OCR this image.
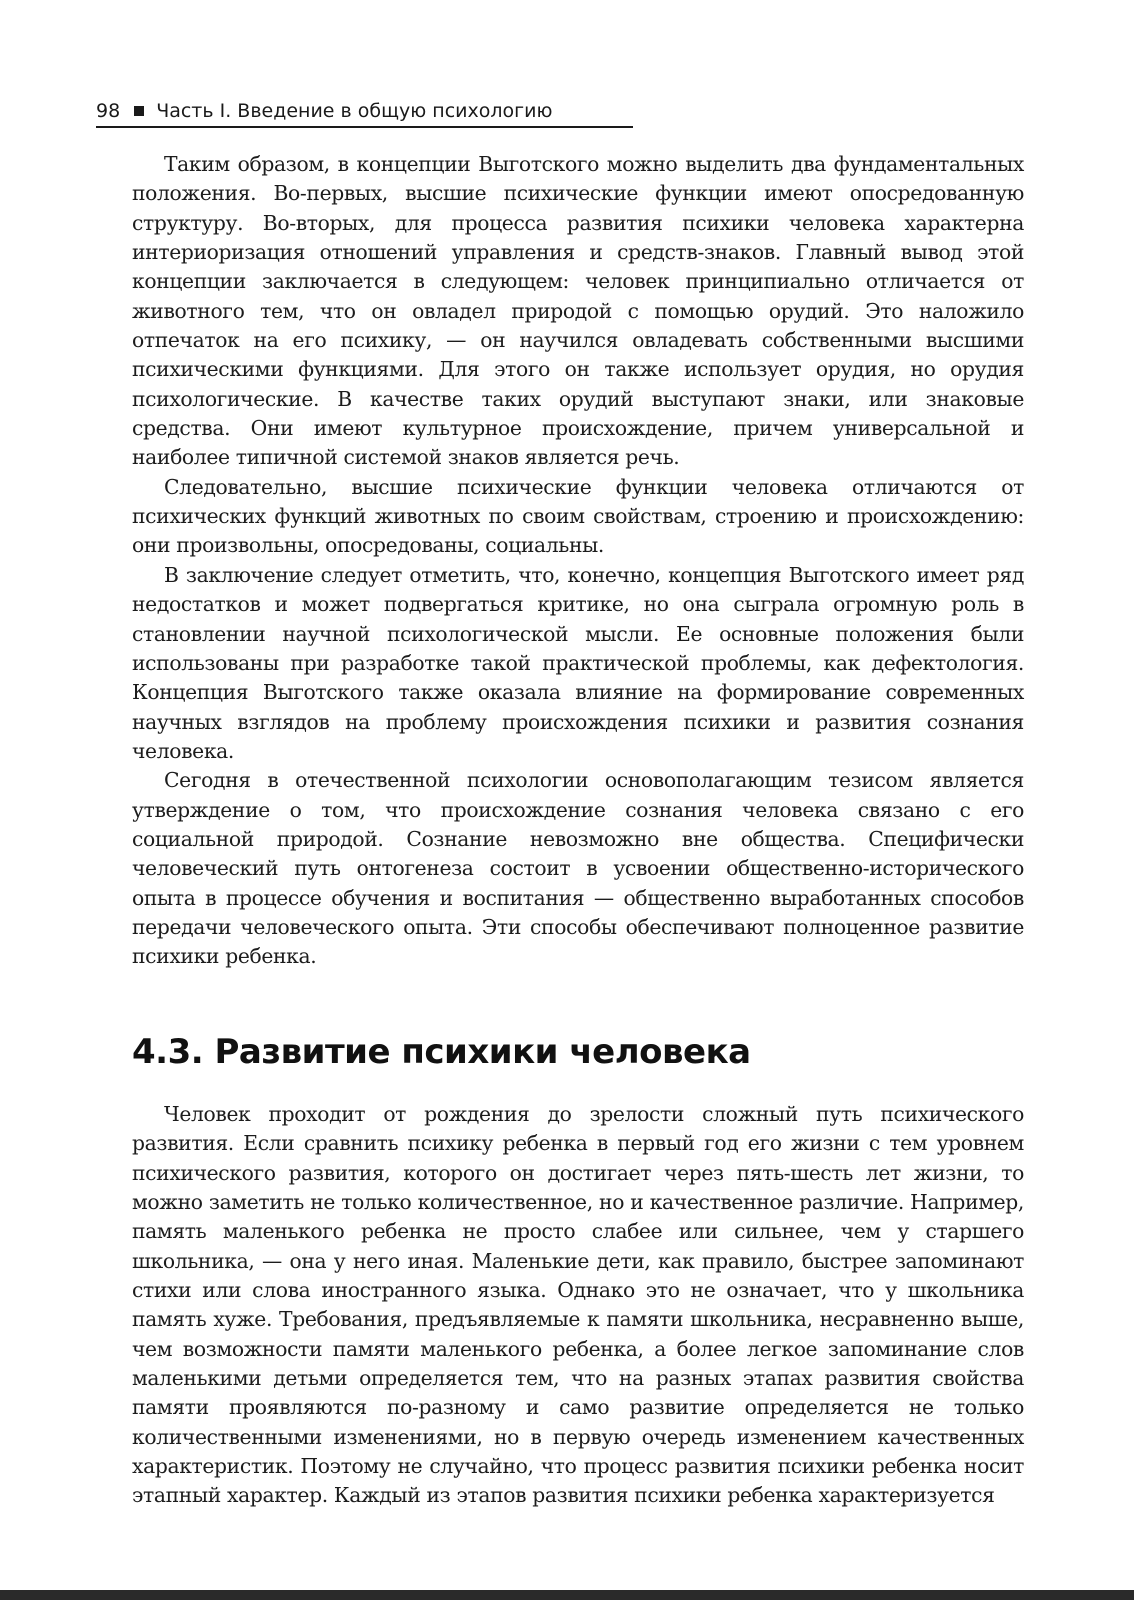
98 Часть I. Введение в общую психологию

Таким образом, в концепции Выготского можно выделить два фундаментальных положения. Во-первых, высшие психические функции имеют опосредованную структуру. Во-вторых, для процесса развития психики человека характерна интериоризация отношений управления и средств-знаков. Главный вывод этой концепции заключается в следующем: человек принципиально отличается от животного тем, что он овладел природой с помощью орудий. Это наложило отпечаток на его психику, — он научился овладевать собственными высшими психическими функциями. Для этого он также использует орудия, но орудия психологические. В качестве таких орудий выступают знаки, или знаковые средства. Они имеют культурное происхождение, причем универсальной и наиболее типичной системой знаков является речь.

Следовательно, высшие психические функции человека отличаются от психических функций животных по своим свойствам, строению и происхождению: они произвольны, опосредованы, социальны.

В заключение следует отметить, что, конечно, концепция Выготского имеет ряд недостатков и может подвергаться критике, но она сыграла огромную роль в становлении научной психологической мысли. Ее основные положения были использованы при разработке такой практической проблемы, как дефектология. Концепция Выготского также оказала влияние на формирование современных научных взглядов на проблему происхождения психики и развития сознания человека.

Сегодня в отечественной психологии основополагающим тезисом является утверждение о том, что происхождение сознания человека связано с его социальной природой. Сознание невозможно вне общества. Специфически человеческий путь онтогенеза состоит в усвоении общественно-исторического опыта в процессе обучения и воспитания — общественно выработанных способов передачи человеческого опыта. Эти способы обеспечивают полноценное развитие психики ребенка.

4.3. Развитие психики человека

Человек проходит от рождения до зрелости сложный путь психического развития. Если сравнить психику ребенка в первый год его жизни с тем уровнем психического развития, которого он достигает через пять-шесть лет жизни, то можно заметить не только количественное, но и качественное различие. Например, память маленького ребенка не просто слабее или сильнее, чем у старшего школьника, — она у него иная. Маленькие дети, как правило, быстрее запоминают стихи или слова иностранного языка. Однако это не означает, что у школьника память хуже. Требования, предъявляемые к памяти школьника, несравненно выше, чем возможности памяти маленького ребенка, а более легкое запоминание слов маленькими детьми определяется тем, что на разных этапах развития свойства памяти проявляются по-разному и само развитие определяется не только количественными изменениями, но в первую очередь изменением качественных характеристик. Поэтому не случайно, что процесс развития психики ребенка носит этапный характер. Каждый из этапов развития психики ребенка характеризуется
